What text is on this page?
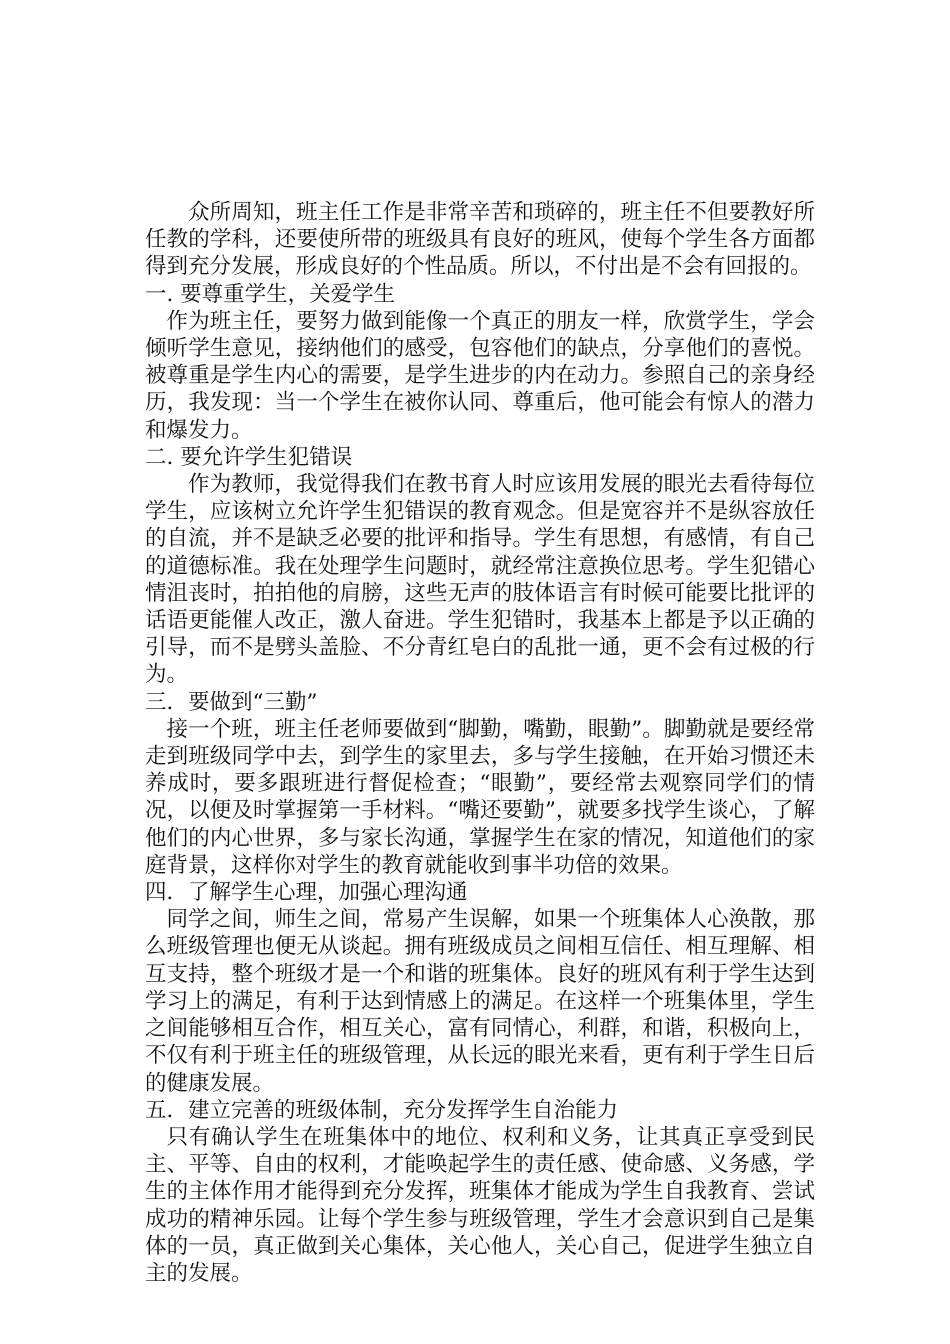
众所周知，班主任工作是非常辛苦和琐碎的，班主任不但要教好所任教的学科，还要使所带的班级具有良好的班风，使每个学生各方面都得到充分发展，形成良好的个性品质。所以，不付出是不会有回报的。

一. 要尊重学生，关爱学生

作为班主任，要努力做到能像一个真正的朋友一样，欣赏学生，学会倾听学生意见，接纳他们的感受，包容他们的缺点，分享他们的喜悦。被尊重是学生内心的需要，是学生进步的内在动力。参照自己的亲身经历，我发现：当一个学生在被你认同、尊重后，他可能会有惊人的潜力和爆发力。

二. 要允许学生犯错误

作为教师，我觉得我们在教书育人时应该用发展的眼光去看待每位学生，应该树立允许学生犯错误的教育观念。但是宽容并不是纵容放任的自流，并不是缺乏必要的批评和指导。学生有思想，有感情，有自己的道德标准。我在处理学生问题时，就经常注意换位思考。学生犯错心情沮丧时，拍拍他的肩膀，这些无声的肢体语言有时候可能要比批评的话语更能催人改正，激人奋进。学生犯错时，我基本上都是予以正确的引导，而不是劈头盖脸、不分青红皂白的乱批一通，更不会有过极的行为。

三．要做到“三勤”

接一个班，班主任老师要做到“脚勤，嘴勤，眼勤”。脚勤就是要经常走到班级同学中去，到学生的家里去，多与学生接触，在开始习惯还未养成时，要多跟班进行督促检查；“眼勤”，要经常去观察同学们的情况，以便及时掌握第一手材料。“嘴还要勤”，就要多找学生谈心，了解他们的内心世界，多与家长沟通，掌握学生在家的情况，知道他们的家庭背景，这样你对学生的教育就能收到事半功倍的效果。

四．了解学生心理，加强心理沟通

同学之间，师生之间，常易产生误解，如果一个班集体人心涣散，那么班级管理也便无从谈起。拥有班级成员之间相互信任、相互理解、相互支持，整个班级才是一个和谐的班集体。良好的班风有利于学生达到学习上的满足，有利于达到情感上的满足。在这样一个班集体里，学生之间能够相互合作，相互关心，富有同情心，利群，和谐，积极向上，不仅有利于班主任的班级管理，从长远的眼光来看，更有利于学生日后的健康发展。

五．建立完善的班级体制，充分发挥学生自治能力

只有确认学生在班集体中的地位、权利和义务，让其真正享受到民主、平等、自由的权利，才能唤起学生的责任感、使命感、义务感，学生的主体作用才能得到充分发挥，班集体才能成为学生自我教育、尝试成功的精神乐园。让每个学生参与班级管理，学生才会意识到自己是集体的一员，真正做到关心集体，关心他人，关心自己，促进学生独立自主的发展。
